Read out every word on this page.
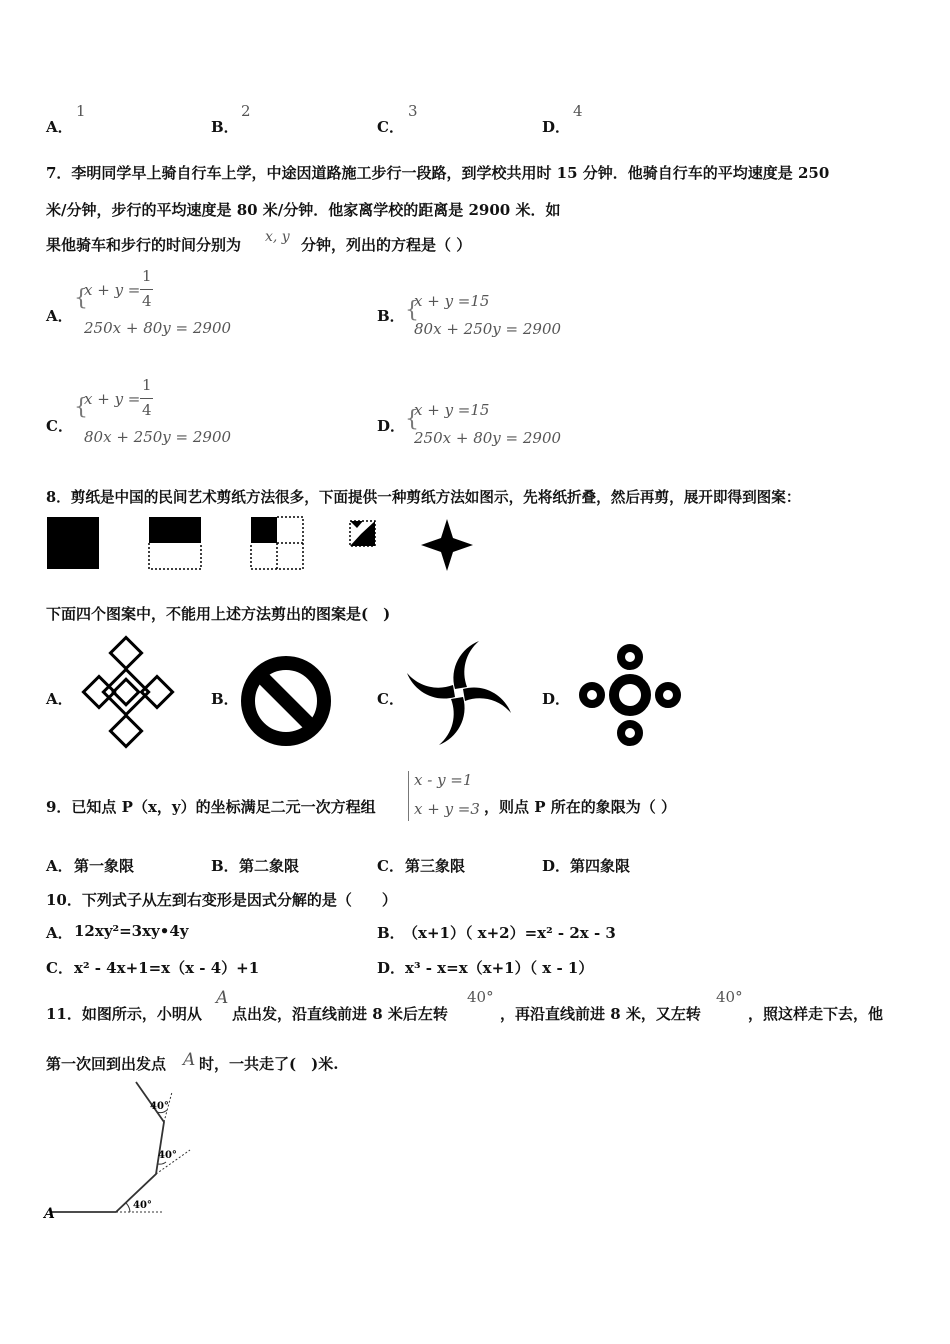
A．
1
B．
2
C．
3
D．
4
7．李明同学早上骑自行车上学，中途因道路施工步行一段路，到学校共用时 15 分钟．他骑自行车的平均速度是 250
米/分钟，步行的平均速度是 80 米/分钟．他家离学校的距离是 2900 米．如
果他骑车和步行的时间分别为 x, y 分钟，列出的方程是（ ）
A．
{
x + y =
1
4
250x + 80y = 2900
B． {
x + y =15
80x + 250y = 2900
C．
{
x + y =
1
4
80x + 250y = 2900
D． {
x + y =15
250x + 80y = 2900
8．剪纸是中国的民间艺术剪纸方法很多，下面提供一种剪纸方法如图示，先将纸折叠，然后再剪，展开即得到图案：
下面四个图案中，不能用上述方法剪出的图案是(　)
A．	B．	C．	D．
9．已知点 P（x，y）的坐标满足二元一次方程组
x - y =1
x + y =3 ，则点 P 所在的象限为（ ）
A． 第一象限	B． 第二象限	C． 第三象限	D． 第四象限
10．下列式子从左到右变形是因式分解的是（　　）
A． 12xy²=3xy•4y	B．
（x+1）（ x+2）=x² - 2x - 3
C． x² - 4x+1=x（x - 4）+1	D． x³ - x=x（x+1）（ x - 1）
11．如图所示，小明从
A
点出发，沿直线前进 8 米后左转
40°
，再沿直线前进 8 米，又左转
40°
，照这样走下去，他
第一次回到出发点 A 时，一共走了(　)米.
A
40°
40°
40°
